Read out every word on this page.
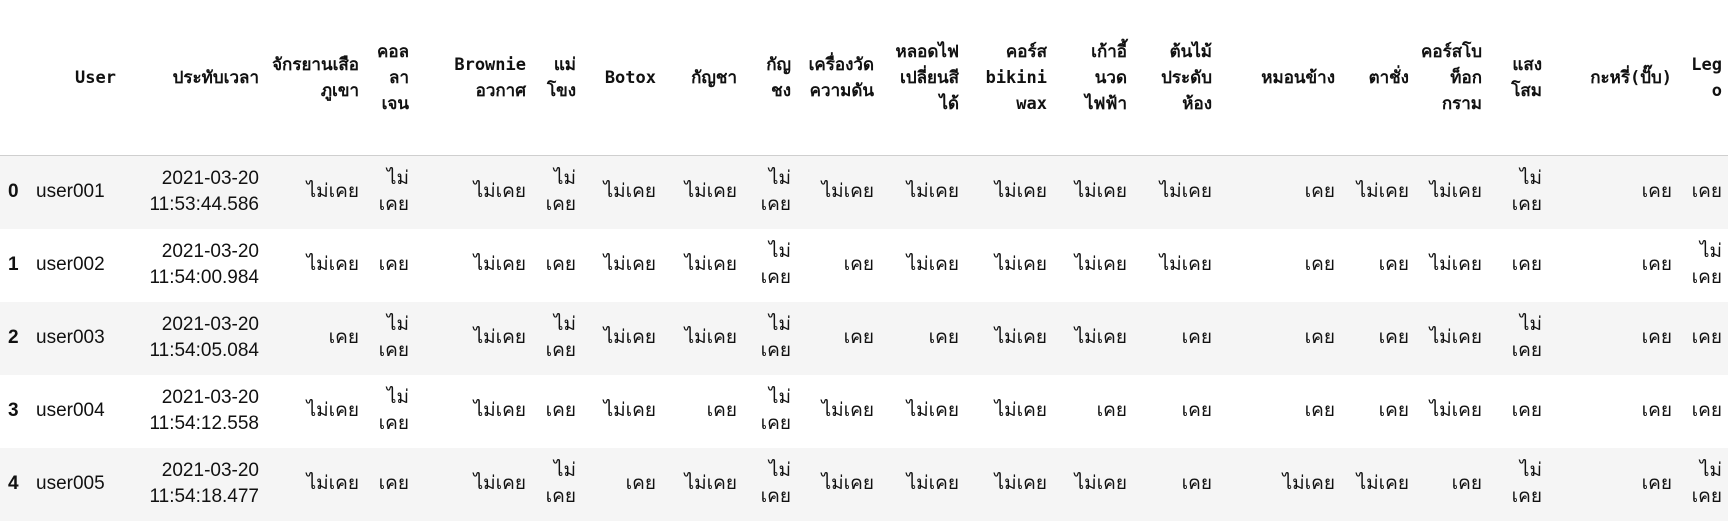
	User	ประทับเวลา	จักรยานเสือภูเขา	คอลลาเจน	Brownie อวกาศ	แม่โขง	Botox	กัญชา	กัญชง	เครื่องวัดความดัน	หลอดไฟเปลี่ยนสีได้	คอร์ส bikini wax	เก้าอี้นวดไฟฟ้า	ต้นไม้ประดับห้อง	หมอนข้าง	ตาชั่ง	คอร์สโบท็อกกราม	แสงโสม	กะหรี่(ปั๊บ)	Lego
0	user001	2021-03-20 11:53:44.586	ไม่เคย	ไม่เคย	ไม่เคย	ไม่เคย	ไม่เคย	ไม่เคย	ไม่เคย	ไม่เคย	ไม่เคย	ไม่เคย	ไม่เคย	ไม่เคย	เคย	ไม่เคย	ไม่เคย	ไม่เคย	เคย	เคย
1	user002	2021-03-20 11:54:00.984	ไม่เคย	เคย	ไม่เคย	เคย	ไม่เคย	ไม่เคย	ไม่เคย	เคย	ไม่เคย	ไม่เคย	ไม่เคย	ไม่เคย	เคย	เคย	ไม่เคย	เคย	เคย	ไม่เคย
2	user003	2021-03-20 11:54:05.084	เคย	ไม่เคย	ไม่เคย	ไม่เคย	ไม่เคย	ไม่เคย	ไม่เคย	เคย	เคย	ไม่เคย	ไม่เคย	เคย	เคย	เคย	ไม่เคย	ไม่เคย	เคย	เคย
3	user004	2021-03-20 11:54:12.558	ไม่เคย	ไม่เคย	ไม่เคย	เคย	ไม่เคย	เคย	ไม่เคย	ไม่เคย	ไม่เคย	ไม่เคย	เคย	เคย	เคย	เคย	ไม่เคย	เคย	เคย	เคย
4	user005	2021-03-20 11:54:18.477	ไม่เคย	เคย	ไม่เคย	ไม่เคย	เคย	ไม่เคย	ไม่เคย	ไม่เคย	ไม่เคย	ไม่เคย	ไม่เคย	เคย	ไม่เคย	ไม่เคย	เคย	ไม่เคย	เคย	ไม่เคย
